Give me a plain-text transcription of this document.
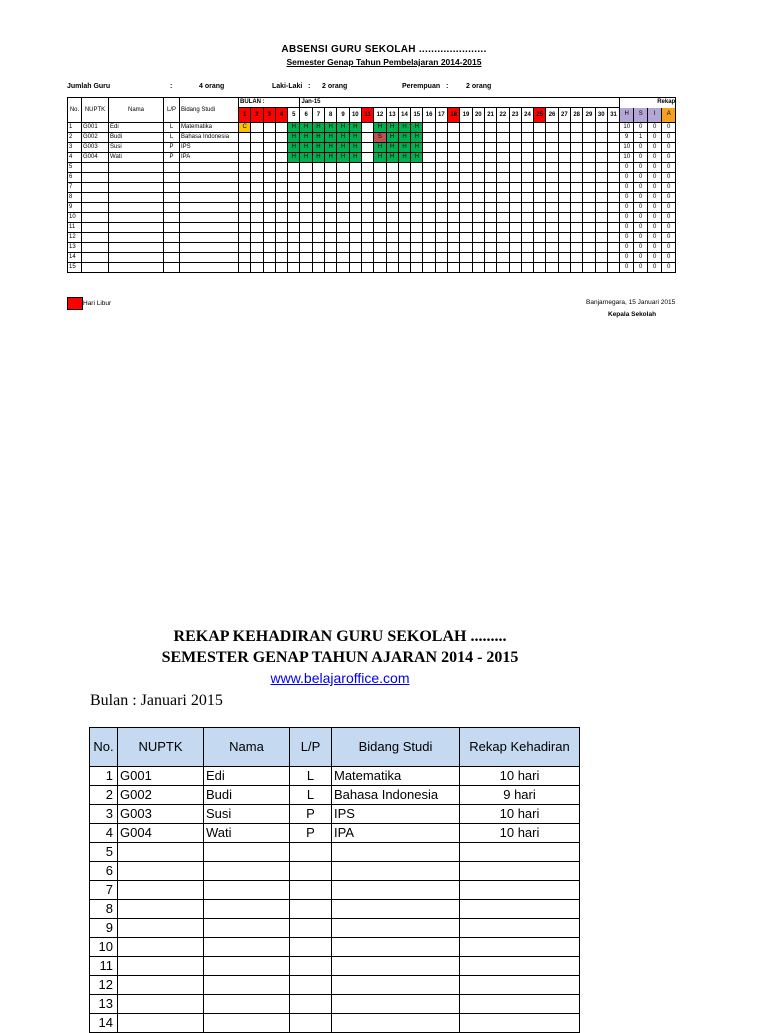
ABSENSI GURU SEKOLAH ......................
Semester Genap Tahun Pembelajaran 2014-2015
Jumlah Guru	:	4 orang	Laki-Laki : 2 orang	Perempuan :	2 orang
No.	NUPTK	Nama	L/P	Bidang Studi	BULAN :					Jan-15																										Rekap			
					1	2	3	4	5	6	7	8	9	10	11	12	13	14	15	16	17	18	19	20	21	22	23	24	25	26	27	28	29	30	31	H	S	I	A

1	G001	Edi	L	Matematika	C				H	H	H	H	H	H		H	H	H	H																	10	0	0	0
2	G002	Budi	L	Bahasa Indonesia					H	H	H	H	H	H		S	H	H	H																	9	1	0	0
3	G003	Susi	P	IPS					H	H	H	H	H	H		H	H	H	H																	10	0	0	0
4	G004	Wati	P	IPA					H	H	H	H	H	H		H	H	H	H																	10	0	0	0
5																																				0	0	0	0
6																																				0	0	0	0
7																																				0	0	0	0
8																																				0	0	0	0
9																																				0	0	0	0
10																																				0	0	0	0
11																																				0	0	0	0
12																																				0	0	0	0
13																																				0	0	0	0
14																																				0	0	0	0
15																																				0	0	0	0
Hari Libur	Banjarnegara, 15 Januari 2015
Kepala Sekolah
REKAP KEHADIRAN GURU SEKOLAH .........
SEMESTER GENAP TAHUN AJARAN 2014 - 2015
www.belajaroffice.com
Bulan : Januari 2015
No.	NUPTK	Nama	L/P	Bidang Studi	Rekap Kehadiran
1	G001	Edi	L	Matematika	10 hari
2	G002	Budi	L	Bahasa Indonesia	9 hari
3	G003	Susi	P	IPS	10 hari
4	G004	Wati	P	IPA	10 hari
5					
6					
7					
8					
9					
10					
11					
12					
13					
14					
